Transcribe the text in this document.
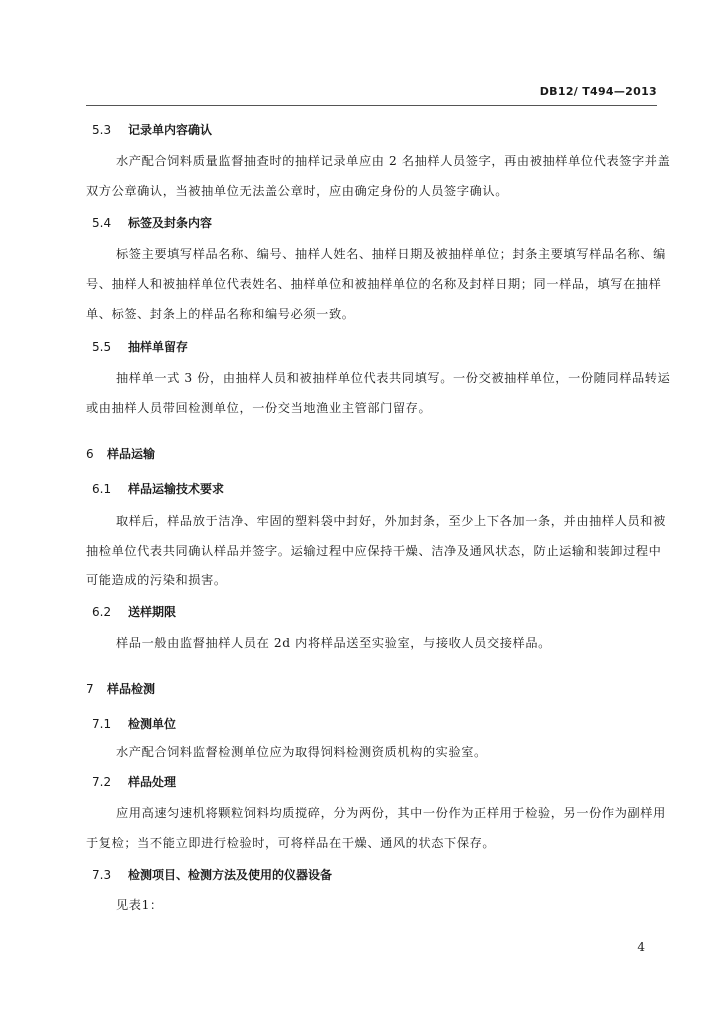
DB12/ T494—2013
5.3 记录单内容确认
水产配合饲料质量监督抽查时的抽样记录单应由 2 名抽样人员签字，再由被抽样单位代表签字并盖
双方公章确认，当被抽单位无法盖公章时，应由确定身份的人员签字确认。
5.4 标签及封条内容
标签主要填写样品名称、编号、抽样人姓名、抽样日期及被抽样单位；封条主要填写样品名称、编
号、抽样人和被抽样单位代表姓名、抽样单位和被抽样单位的名称及封样日期；同一样品，填写在抽样
单、标签、封条上的样品名称和编号必须一致。
5.5 抽样单留存
抽样单一式 3 份，由抽样人员和被抽样单位代表共同填写。一份交被抽样单位，一份随同样品转运
或由抽样人员带回检测单位，一份交当地渔业主管部门留存。
6 样品运输
6.1 样品运输技术要求
取样后，样品放于洁净、牢固的塑料袋中封好，外加封条，至少上下各加一条，并由抽样人员和被
抽检单位代表共同确认样品并签字。运输过程中应保持干燥、洁净及通风状态，防止运输和装卸过程中
可能造成的污染和损害。
6.2 送样期限
样品一般由监督抽样人员在 2d 内将样品送至实验室，与接收人员交接样品。
7 样品检测
7.1 检测单位
水产配合饲料监督检测单位应为取得饲料检测资质机构的实验室。
7.2 样品处理
应用高速匀速机将颗粒饲料均质搅碎，分为两份，其中一份作为正样用于检验，另一份作为副样用
于复检；当不能立即进行检验时，可将样品在干燥、通风的状态下保存。
7.3 检测项目、检测方法及使用的仪器设备
见表1：
4
